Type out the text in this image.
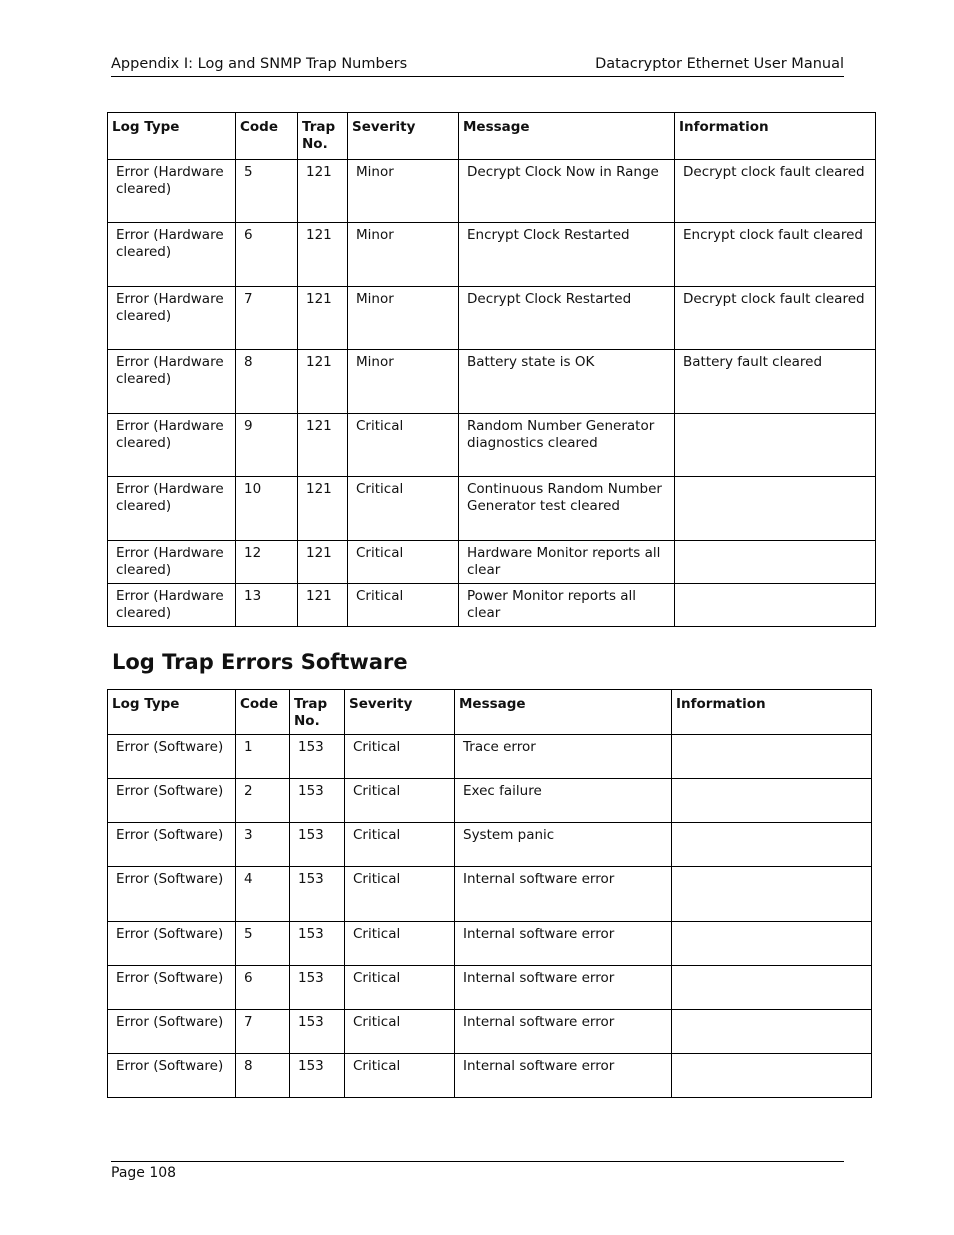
Appendix I: Log and SNMP Trap Numbers	Datacryptor Ethernet User Manual
Log Type	Code	Trap No.	Severity	Message	Information
Error (Hardware cleared)	5	121	Minor	Decrypt Clock Now in Range	Decrypt clock fault cleared
Error (Hardware cleared)	6	121	Minor	Encrypt Clock Restarted	Encrypt clock fault cleared
Error (Hardware cleared)	7	121	Minor	Decrypt Clock Restarted	Decrypt clock fault cleared
Error (Hardware cleared)	8	121	Minor	Battery state is OK	Battery fault cleared
Error (Hardware cleared)	9	121	Critical	Random Number Generator diagnostics cleared	
Error (Hardware cleared)	10	121	Critical	Continuous Random Number Generator test cleared	
Error (Hardware cleared)	12	121	Critical	Hardware Monitor reports all clear	
Error (Hardware cleared)	13	121	Critical	Power Monitor reports all clear	
Log Trap Errors Software
Log Type	Code	Trap No.	Severity	Message	Information
Error (Software)	1	153	Critical	Trace error	
Error (Software)	2	153	Critical	Exec failure	
Error (Software)	3	153	Critical	System panic	
Error (Software)	4	153	Critical	Internal software error	
Error (Software)	5	153	Critical	Internal software error	
Error (Software)	6	153	Critical	Internal software error	
Error (Software)	7	153	Critical	Internal software error	
Error (Software)	8	153	Critical	Internal software error	
Page 108
